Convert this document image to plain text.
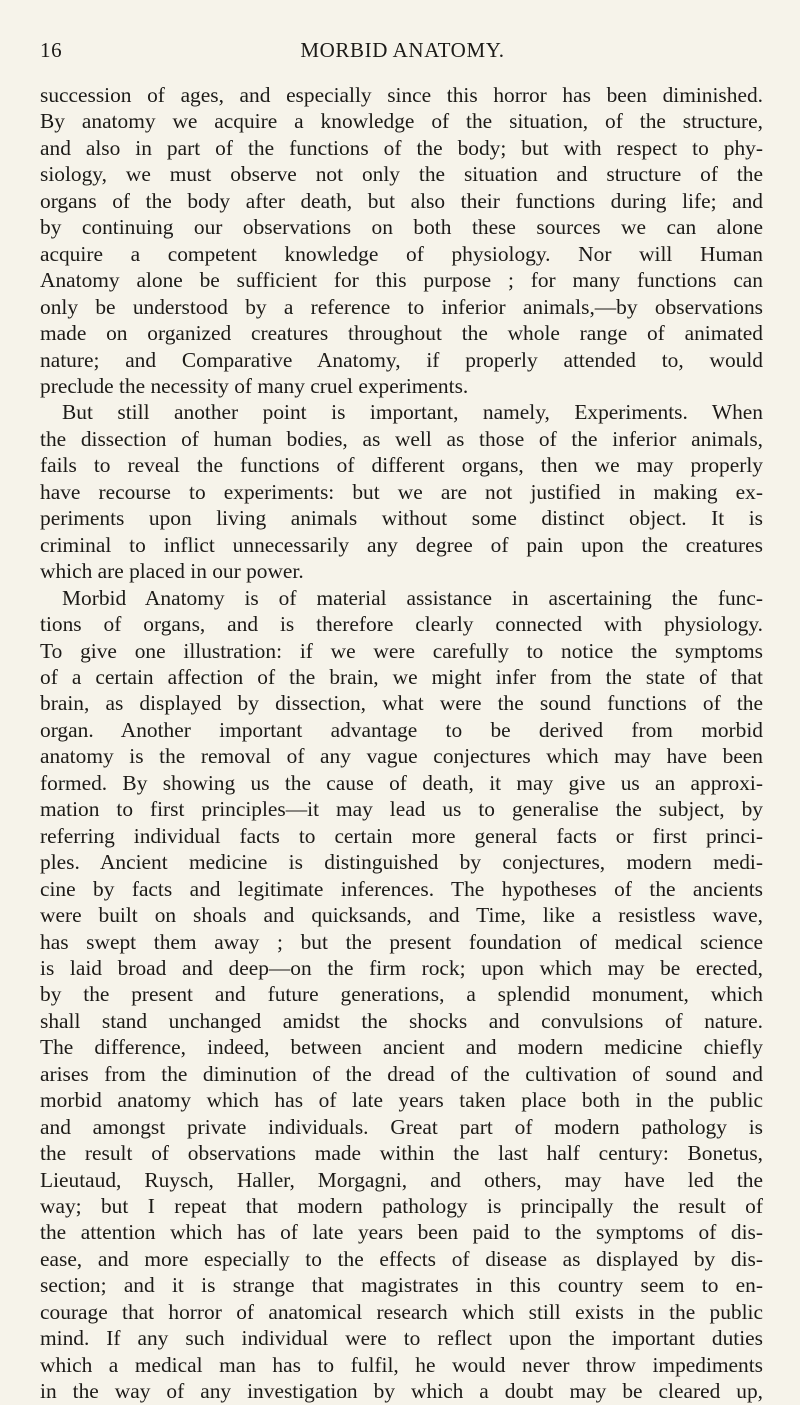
16	MORBID ANATOMY.

succession of ages, and especially since this horror has been diminished.
By anatomy we acquire a knowledge of the situation, of the structure,
and also in part of the functions of the body; but with respect to phy-
siology, we must observe not only the situation and structure of the
organs of the body after death, but also their functions during life; and
by continuing our observations on both these sources we can alone
acquire a competent knowledge of physiology. Nor will Human
Anatomy alone be sufficient for this purpose ; for many functions can
only be understood by a reference to inferior animals,—by observations
made on organized creatures throughout the whole range of animated
nature; and Comparative Anatomy, if properly attended to, would
preclude the necessity of many cruel experiments.

But still another point is important, namely, Experiments. When
the dissection of human bodies, as well as those of the inferior animals,
fails to reveal the functions of different organs, then we may properly
have recourse to experiments: but we are not justified in making ex-
periments upon living animals without some distinct object. It is
criminal to inflict unnecessarily any degree of pain upon the creatures
which are placed in our power.

Morbid Anatomy is of material assistance in ascertaining the func-
tions of organs, and is therefore clearly connected with physiology.
To give one illustration: if we were carefully to notice the symptoms
of a certain affection of the brain, we might infer from the state of that
brain, as displayed by dissection, what were the sound functions of the
organ. Another important advantage to be derived from morbid
anatomy is the removal of any vague conjectures which may have been
formed. By showing us the cause of death, it may give us an approxi-
mation to first principles—it may lead us to generalise the subject, by
referring individual facts to certain more general facts or first princi-
ples. Ancient medicine is distinguished by conjectures, modern medi-
cine by facts and legitimate inferences. The hypotheses of the ancients
were built on shoals and quicksands, and Time, like a resistless wave,
has swept them away ; but the present foundation of medical science
is laid broad and deep—on the firm rock; upon which may be erected,
by the present and future generations, a splendid monument, which
shall stand unchanged amidst the shocks and convulsions of nature.
The difference, indeed, between ancient and modern medicine chiefly
arises from the diminution of the dread of the cultivation of sound and
morbid anatomy which has of late years taken place both in the public
and amongst private individuals. Great part of modern pathology is
the result of observations made within the last half century: Bonetus,
Lieutaud, Ruysch, Haller, Morgagni, and others, may have led the
way; but I repeat that modern pathology is principally the result of
the attention which has of late years been paid to the symptoms of dis-
ease, and more especially to the effects of disease as displayed by dis-
section; and it is strange that magistrates in this country seem to en-
courage that horror of anatomical research which still exists in the public
mind. If any such individual were to reflect upon the important duties
which a medical man has to fulfil, he would never throw impediments
in the way of any investigation by which a doubt may be cleared up,
